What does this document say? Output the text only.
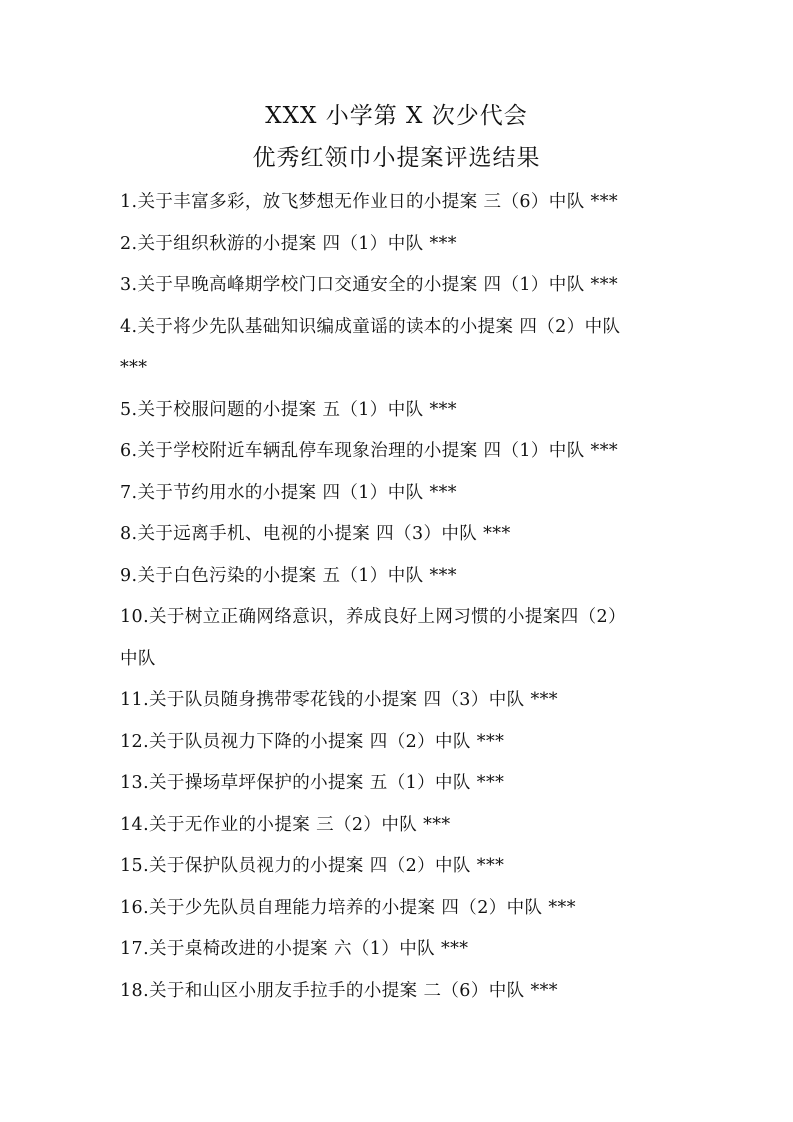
XXX 小学第 X 次少代会
优秀红领巾小提案评选结果
1.关于丰富多彩，放飞梦想无作业日的小提案 三（6）中队 ***
2.关于组织秋游的小提案 四（1）中队 ***
3.关于早晚高峰期学校门口交通安全的小提案 四（1）中队 ***
4.关于将少先队基础知识编成童谣的读本的小提案 四（2）中队
***
5.关于校服问题的小提案 五（1）中队 ***
6.关于学校附近车辆乱停车现象治理的小提案 四（1）中队 ***
7.关于节约用水的小提案 四（1）中队 ***
8.关于远离手机、电视的小提案 四（3）中队 ***
9.关于白色污染的小提案 五（1）中队 ***
10.关于树立正确网络意识，养成良好上网习惯的小提案四（2）
中队
11.关于队员随身携带零花钱的小提案 四（3）中队 ***
12.关于队员视力下降的小提案 四（2）中队 ***
13.关于操场草坪保护的小提案 五（1）中队 ***
14.关于无作业的小提案 三（2）中队 ***
15.关于保护队员视力的小提案 四（2）中队 ***
16.关于少先队员自理能力培养的小提案 四（2）中队 ***
17.关于桌椅改进的小提案 六（1）中队 ***
18.关于和山区小朋友手拉手的小提案 二（6）中队 ***
